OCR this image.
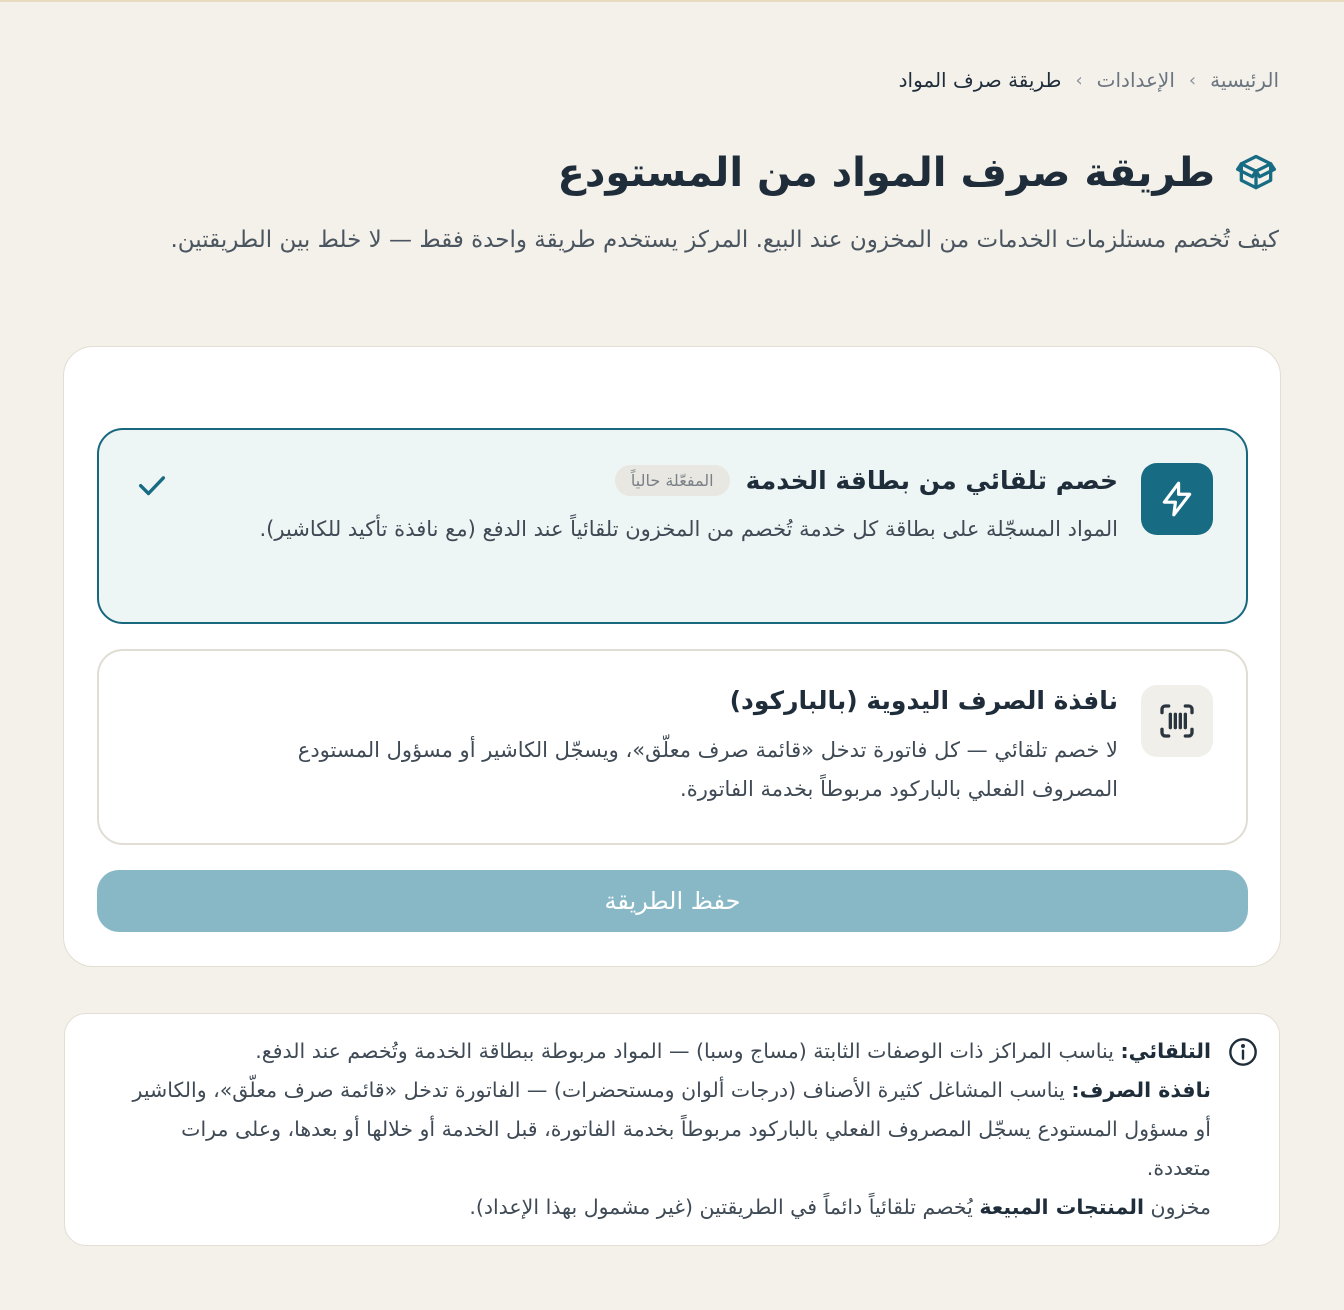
الرئيسية
›
الإعدادات
›
طريقة صرف المواد
طريقة صرف المواد من المستودع

كيف تُخصم مستلزمات الخدمات من المخزون عند البيع. المركز يستخدم طريقة واحدة فقط — لا خلط بين الطريقتين.

خصم تلقائي من بطاقة الخدمة
المفعّلة حالياً

المواد المسجّلة على بطاقة كل خدمة تُخصم من المخزون تلقائياً عند الدفع (مع نافذة تأكيد للكاشير).

نافذة الصرف اليدوية (بالباركود)

لا خصم تلقائي — كل فاتورة تدخل «قائمة صرف معلّق»، ويسجّل الكاشير أو مسؤول المستودع المصروف الفعلي بالباركود مربوطاً بخدمة الفاتورة.

حفظ الطريقة
التلقائي: يناسب المراكز ذات الوصفات الثابتة (مساج وسبا) — المواد مربوطة ببطاقة الخدمة وتُخصم عند الدفع.
نافذة الصرف: يناسب المشاغل كثيرة الأصناف (درجات ألوان ومستحضرات) — الفاتورة تدخل «قائمة صرف معلّق»، والكاشير أو مسؤول المستودع يسجّل المصروف الفعلي بالباركود مربوطاً بخدمة الفاتورة، قبل الخدمة أو خلالها أو بعدها، وعلى مرات متعددة.
مخزون المنتجات المبيعة يُخصم تلقائياً دائماً في الطريقتين (غير مشمول بهذا الإعداد).
